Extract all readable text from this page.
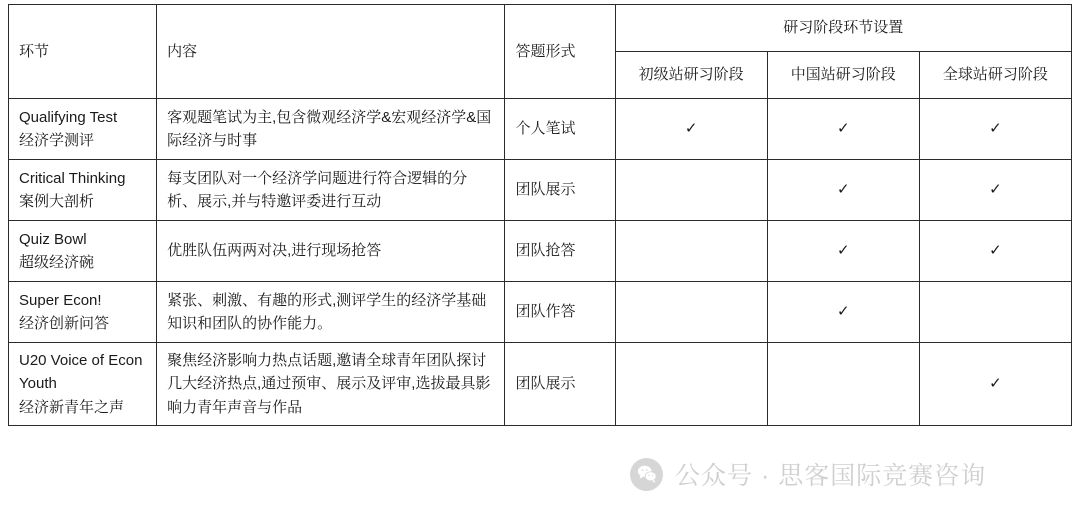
环节	内容	答题形式	研习阶段环节设置		
			初级站研习阶段	中国站研习阶段	全球站研习阶段

Qualifying Test
经济学测评	客观题笔试为主,包含微观经济学&宏观经济学&国际经济与时事	个人笔试	✓	✓	✓

Critical Thinking
案例大剖析	每支团队对一个经济学问题进行符合逻辑的分析、展示,并与特邀评委进行互动	团队展示		✓	✓

Quiz Bowl
超级经济碗	优胜队伍两两对决,进行现场抢答	团队抢答		✓	✓

Super Econ!
经济创新问答	紧张、刺激、有趣的形式,测评学生的经济学基础知识和团队的协作能力。	团队作答		✓	

U20 Voice of Econ Youth
经济新青年之声	聚焦经济影响力热点话题,邀请全球青年团队探讨几大经济热点,通过预审、展示及评审,选拔最具影响力青年声音与作品	团队展示			✓
公众号 · 思客国际竞赛咨询
